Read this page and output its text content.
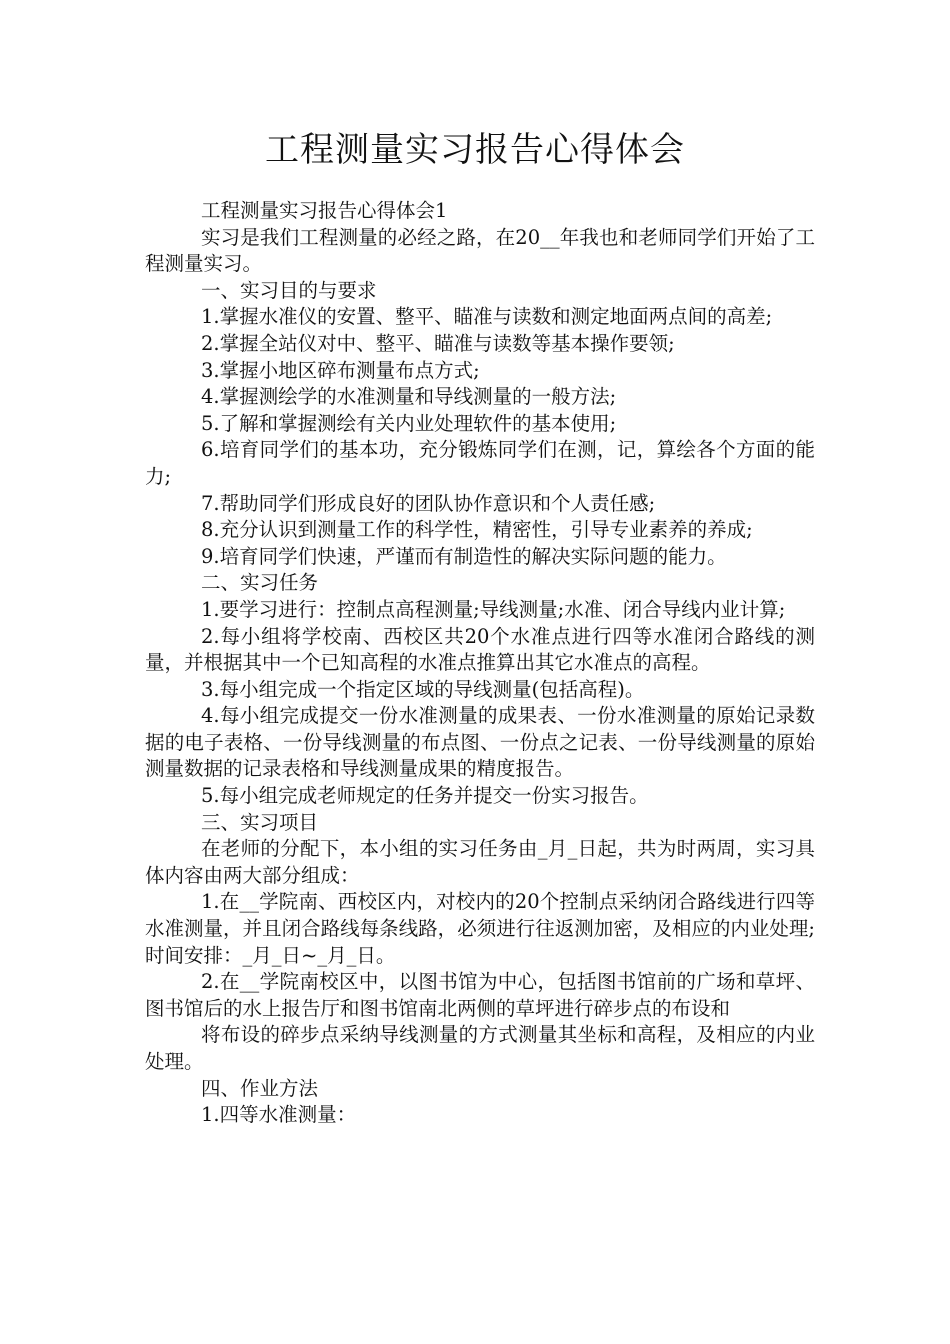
工程测量实习报告心得体会

工程测量实习报告心得体会1

实习是我们工程测量的必经之路，在20__年我也和老师同学们开始了工程测量实习。

一、实习目的与要求

1.掌握水准仪的安置、整平、瞄准与读数和测定地面两点间的高差;

2.掌握全站仪对中、整平、瞄准与读数等基本操作要领;

3.掌握小地区碎布测量布点方式;

4.掌握测绘学的水准测量和导线测量的一般方法;

5.了解和掌握测绘有关内业处理软件的基本使用;

6.培育同学们的基本功，充分锻炼同学们在测，记，算绘各个方面的能力;

7.帮助同学们形成良好的团队协作意识和个人责任感;

8.充分认识到测量工作的科学性，精密性，引导专业素养的养成;

9.培育同学们快速，严谨而有制造性的解决实际问题的能力。

二、实习任务

1.要学习进行：控制点高程测量;导线测量;水准、闭合导线内业计算;

2.每小组将学校南、西校区共20个水准点进行四等水准闭合路线的测量，并根据其中一个已知高程的水准点推算出其它水准点的高程。

3.每小组完成一个指定区域的导线测量(包括高程)。

4.每小组完成提交一份水准测量的成果表、一份水准测量的原始记录数据的电子表格、一份导线测量的布点图、一份点之记表、一份导线测量的原始测量数据的记录表格和导线测量成果的精度报告。

5.每小组完成老师规定的任务并提交一份实习报告。

三、实习项目

在老师的分配下，本小组的实习任务由_月_日起，共为时两周，实习具体内容由两大部分组成：

1.在__学院南、西校区内，对校内的20个控制点采纳闭合路线进行四等水准测量，并且闭合路线每条线路，必须进行往返测加密，及相应的内业处理;时间安排：_月_日~_月_日。

2.在__学院南校区中，以图书馆为中心，包括图书馆前的广场和草坪、图书馆后的水上报告厅和图书馆南北两侧的草坪进行碎步点的布设和

将布设的碎步点采纳导线测量的方式测量其坐标和高程，及相应的内业处理。

四、作业方法

1.四等水准测量：
